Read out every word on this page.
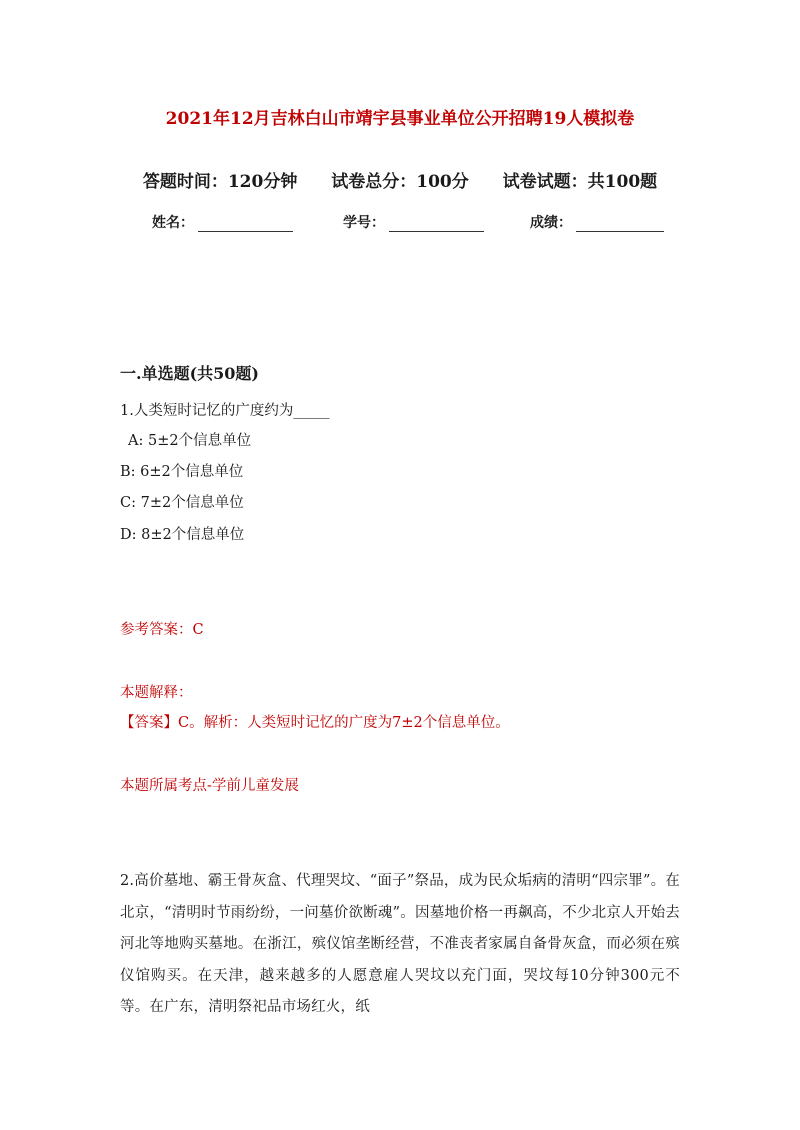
2021年12月吉林白山市靖宇县事业单位公开招聘19人模拟卷
答题时间：120分钟 试卷总分：100分 试卷试题：共100题
姓名：	学号：	成绩：
一.单选题(共50题)
1.人类短时记忆的广度约为_____
A: 5±2个信息单位
B: 6±2个信息单位
C: 7±2个信息单位
D: 8±2个信息单位
参考答案：C
本题解释：
【答案】C。解析：人类短时记忆的广度为7±2个信息单位。
本题所属考点-学前儿童发展
2.高价墓地、霸王骨灰盒、代理哭坟、“面子”祭品，成为民众垢病的清明“四宗罪”。在北京，“清明时节雨纷纷，一问墓价欲断魂”。因墓地价格一再飙高，不少北京人开始去河北等地购买墓地。在浙江，殡仪馆垄断经营，不准丧者家属自备骨灰盒，而必须在殡仪馆购买。在天津，越来越多的人愿意雇人哭坟以充门面，哭坟每10分钟300元不等。在广东，清明祭祀品市场红火，纸
